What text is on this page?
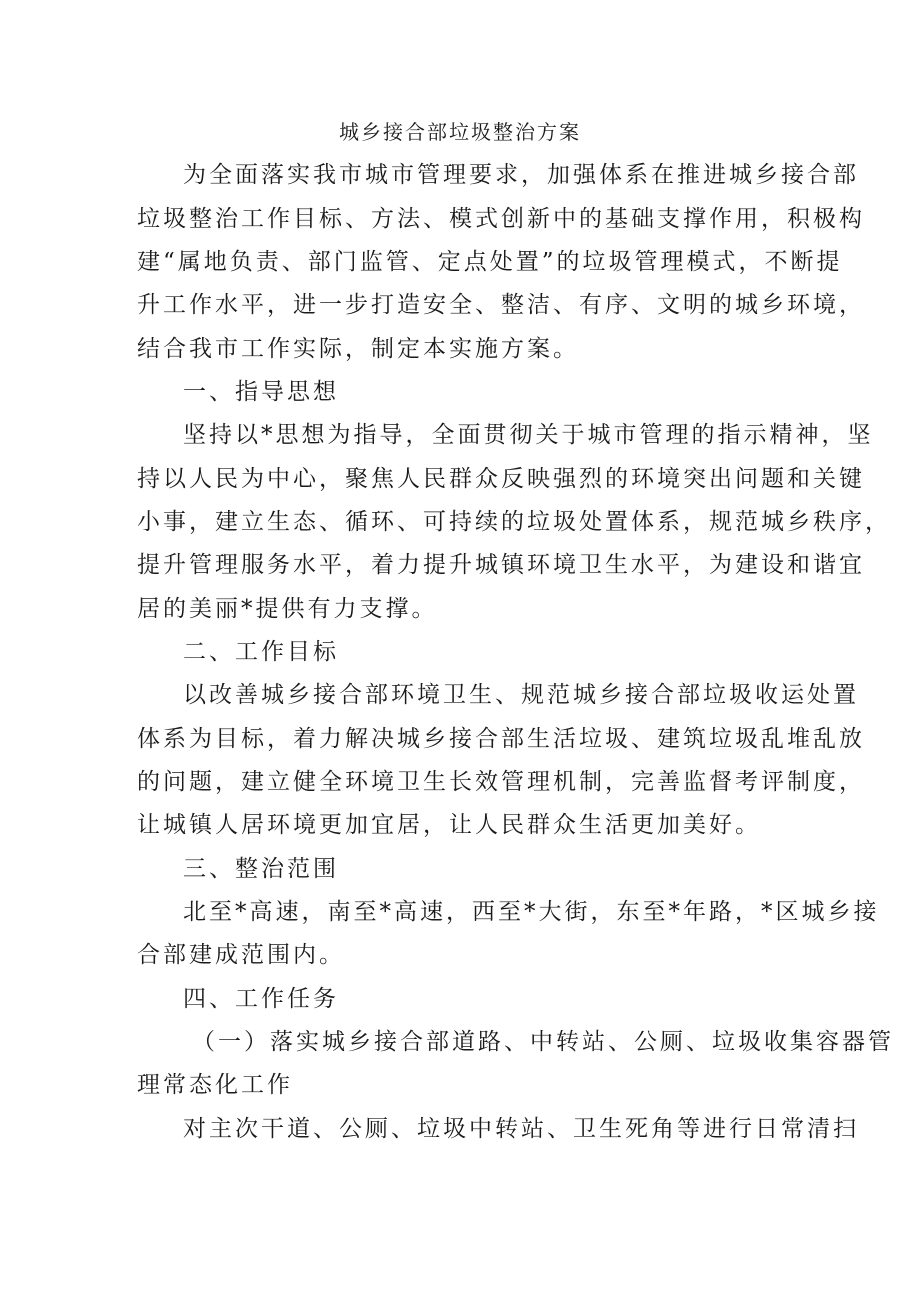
城乡接合部垃圾整治方案
为全面落实我市城市管理要求，加强体系在推进城乡接合部
垃圾整治工作目标、方法、模式创新中的基础支撑作用，积极构
建“属地负责、部门监管、定点处置”的垃圾管理模式，不断提
升工作水平，进一步打造安全、整洁、有序、文明的城乡环境，
结合我市工作实际，制定本实施方案。
一、指导思想
坚持以*思想为指导，全面贯彻关于城市管理的指示精神，坚
持以人民为中心，聚焦人民群众反映强烈的环境突出问题和关键
小事，建立生态、循环、可持续的垃圾处置体系，规范城乡秩序，
提升管理服务水平，着力提升城镇环境卫生水平，为建设和谐宜
居的美丽*提供有力支撑。
二、工作目标
以改善城乡接合部环境卫生、规范城乡接合部垃圾收运处置
体系为目标，着力解决城乡接合部生活垃圾、建筑垃圾乱堆乱放
的问题，建立健全环境卫生长效管理机制，完善监督考评制度，
让城镇人居环境更加宜居，让人民群众生活更加美好。
三、整治范围
北至*高速，南至*高速，西至*大街，东至*年路，*区城乡接
合部建成范围内。
四、工作任务
（一）落实城乡接合部道路、中转站、公厕、垃圾收集容器管
理常态化工作
对主次干道、公厕、垃圾中转站、卫生死角等进行日常清扫
